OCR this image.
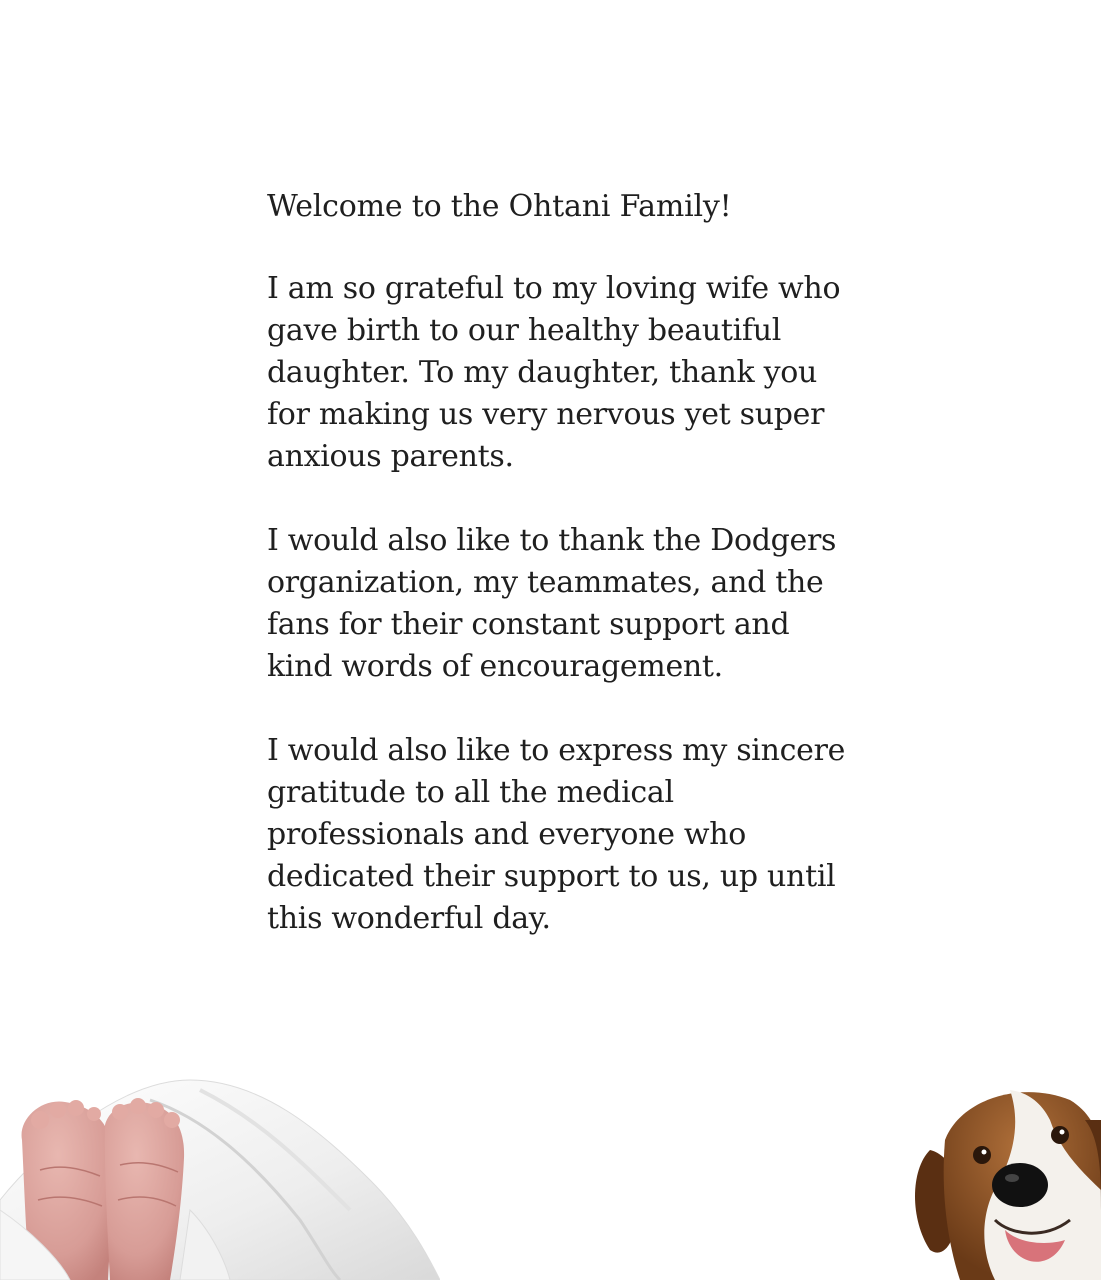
Welcome to the Ohtani Family!

I am so grateful to my loving wife who
gave birth to our healthy beautiful
daughter. To my daughter, thank you
for making us very nervous yet super
anxious parents.

I would also like to thank the Dodgers
organization, my teammates, and the
fans for their constant support and
kind words of encouragement.

I would also like to express my sincere
gratitude to all the medical
professionals and everyone who
dedicated their support to us, up until
this wonderful day.
